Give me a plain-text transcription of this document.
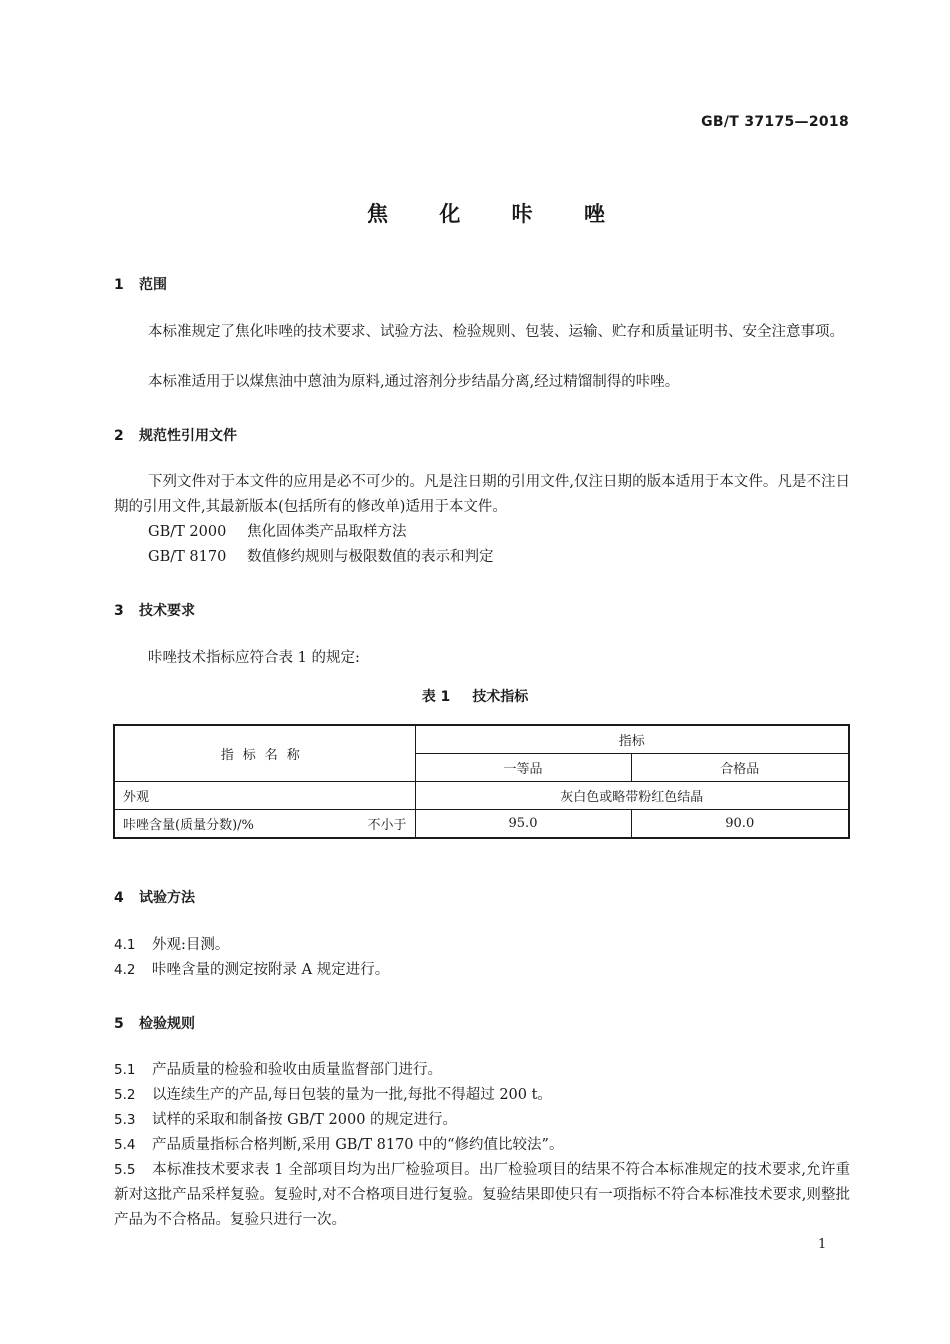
GB/T 37175—2018
焦 化 咔 唑
1 范围
本标准规定了焦化咔唑的技术要求、试验方法、检验规则、包装、运输、贮存和质量证明书、安全注意事项。
本标准适用于以煤焦油中蒽油为原料,通过溶剂分步结晶分离,经过精馏制得的咔唑。
2 规范性引用文件
下列文件对于本文件的应用是必不可少的。凡是注日期的引用文件,仅注日期的版本适用于本文件。凡是不注日期的引用文件,其最新版本(包括所有的修改单)适用于本文件。
GB/T 2000 焦化固体类产品取样方法
GB/T 8170 数值修约规则与极限数值的表示和判定
3 技术要求
咔唑技术指标应符合表 1 的规定:
表 1 技术指标
指标名称	指标	
	一等品	合格品
外观	灰白色或略带粉红色结晶	

咔唑含量(质量分数)/% 不小于	95.0	90.0
4 试验方法
4.1 外观:目测。
4.2 咔唑含量的测定按附录 A 规定进行。
5 检验规则
5.1 产品质量的检验和验收由质量监督部门进行。
5.2 以连续生产的产品,每日包装的量为一批,每批不得超过 200 t。
5.3 试样的采取和制备按 GB/T 2000 的规定进行。
5.4 产品质量指标合格判断,采用 GB/T 8170 中的“修约值比较法”。
5.5 本标准技术要求表 1 全部项目均为出厂检验项目。出厂检验项目的结果不符合本标准规定的技术要求,允许重新对这批产品采样复验。复验时,对不合格项目进行复验。复验结果即使只有一项指标不符合本标准技术要求,则整批产品为不合格品。复验只进行一次。
1
